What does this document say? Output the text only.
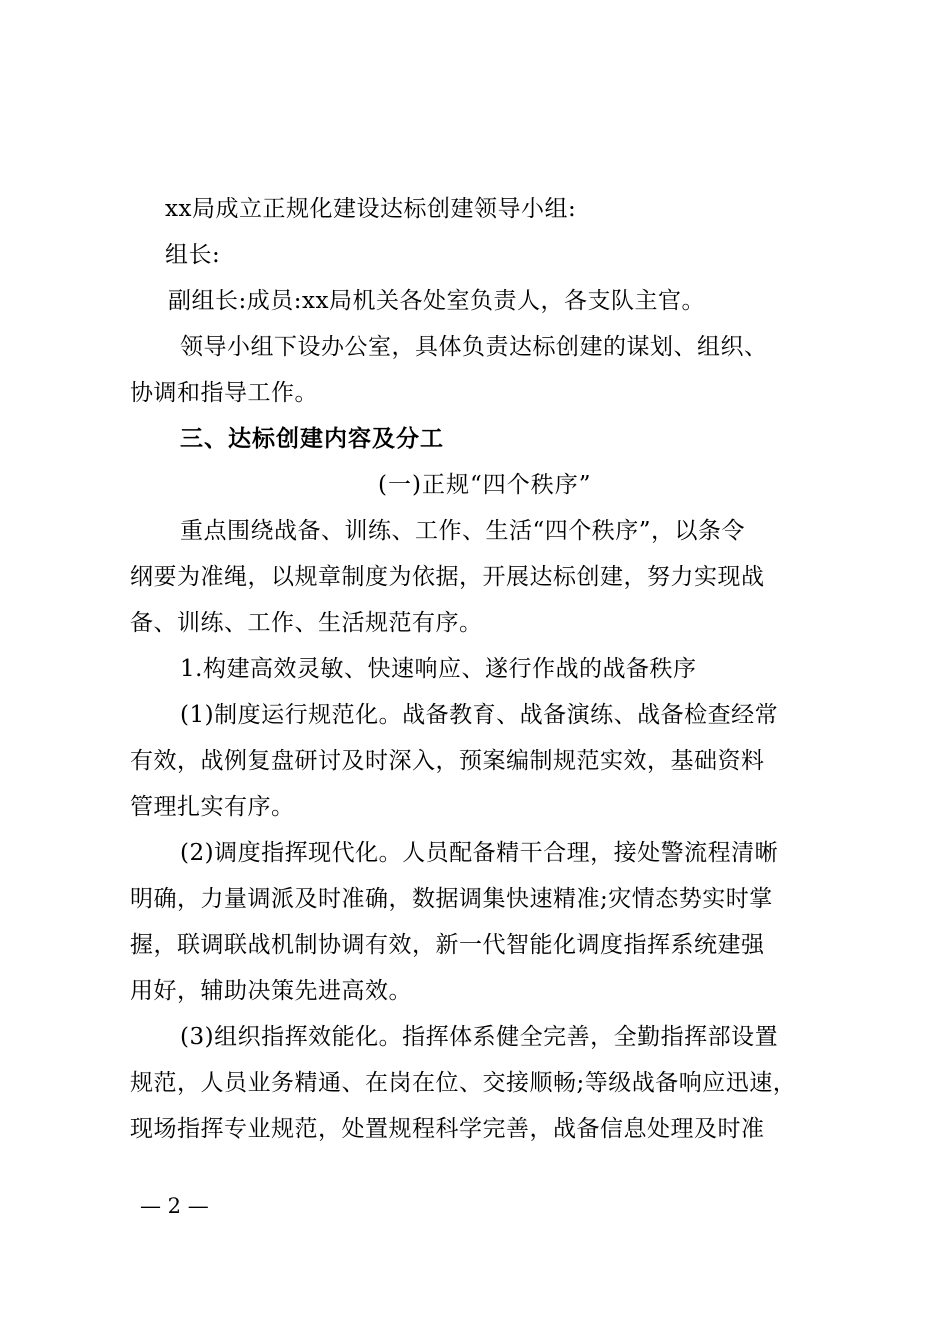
xx局成立正规化建设达标创建领导小组:
组长:
副组长:成员:xx局机关各处室负责人，各支队主官。
领导小组下设办公室，具体负责达标创建的谋划、组织、
协调和指导工作。
三、达标创建内容及分工
(一)正规“四个秩序”
重点围绕战备、训练、工作、生活“四个秩序”，以条令
纲要为准绳，以规章制度为依据，开展达标创建，努力实现战
备、训练、工作、生活规范有序。
1.构建高效灵敏、快速响应、遂行作战的战备秩序
(1)制度运行规范化。战备教育、战备演练、战备检查经常
有效，战例复盘研讨及时深入，预案编制规范实效，基础资料
管理扎实有序。
(2)调度指挥现代化。人员配备精干合理，接处警流程清晰
明确，力量调派及时准确，数据调集快速精准;灾情态势实时掌
握，联调联战机制协调有效，新一代智能化调度指挥系统建强
用好，辅助决策先进高效。
(3)组织指挥效能化。指挥体系健全完善，全勤指挥部设置
规范，人员业务精通、在岗在位、交接顺畅;等级战备响应迅速，
现场指挥专业规范，处置规程科学完善，战备信息处理及时准
— 2 —
